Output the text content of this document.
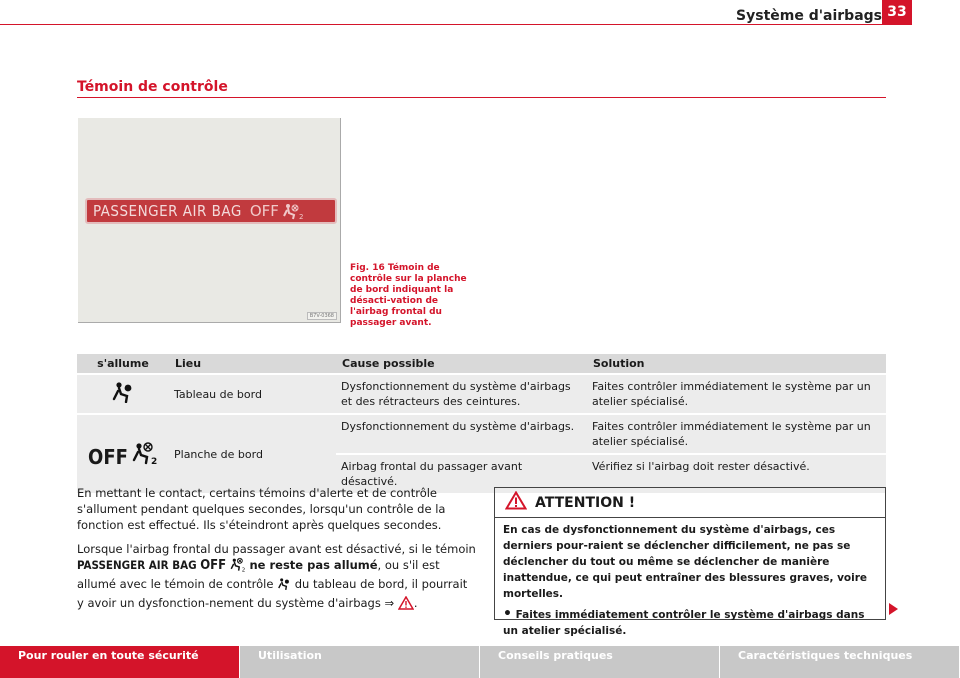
Système d'airbags 33
Témoin de contrôle
PASSENGER AIR BAG OFF	2
B7V-0368
Fig. 16 Témoin de contrôle sur la planche de bord indiquant la désacti-vation de l'airbag frontal du passager avant.
s'allume	Lieu	Cause possible	Solution
	Tableau de bord	Dysfonctionnement du système d'airbags et des rétracteurs des ceintures.	Faites contrôler immédiatement le système par un atelier spécialisé.

OFF 2	Planche de bord	Dysfonctionnement du système d'airbags.	Faites contrôler immédiatement le système par un atelier spécialisé.
		Airbag frontal du passager avant désactivé.	Vérifiez si l'airbag doit rester désactivé.

En mettant le contact, certains témoins d'alerte et de contrôle s'allument pendant quelques secondes, lorsqu'un contrôle de la fonction est effectué. Ils s'éteindront après quelques secondes.

Lorsque l'airbag frontal du passager avant est désactivé, si le témoin
PASSENGER AIR BAG OFF 2 ne reste pas allumé, ou s'il est allumé avec le témoin de contrôle du tableau de bord, il pourrait y avoir un dysfonction-nement du système d'airbags ⇒ .

ATTENTION !

En cas de dysfonctionnement du système d'airbags, ces derniers pour-raient se déclencher difficilement, ne pas se déclencher du tout ou même se déclencher de manière inattendue, ce qui peut entraîner des blessures graves, voire mortelles.

• Faites immédiatement contrôler le système d'airbags dans un atelier spécialisé.

Pour rouler en toute sécurité	Utilisation	Conseils pratiques	Caractéristiques techniques
